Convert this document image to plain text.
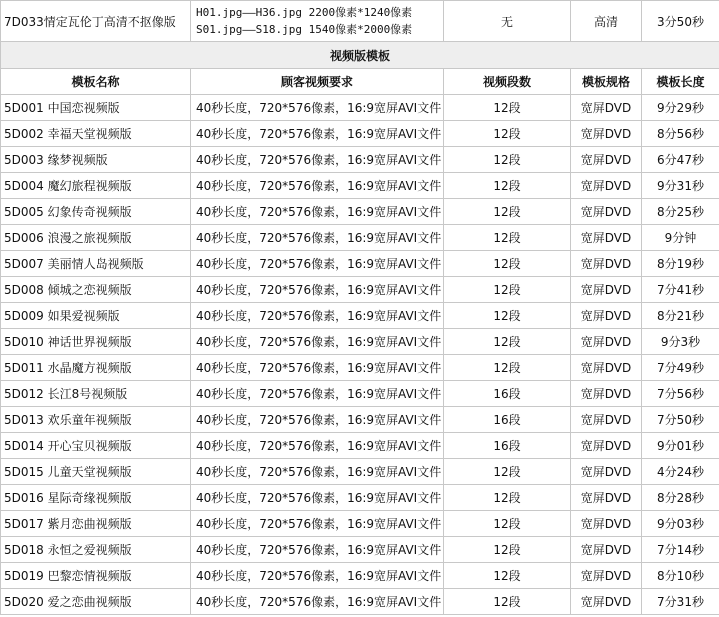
7D033情定瓦伦丁高清不抠像版	H01.jpg——H36.jpg 2200像素*1240像素
S01.jpg——S18.jpg 1540像素*2000像素	无	高清	3分50秒
视频版模板				
模板名称	顾客视频要求	视频段数	模板规格	模板长度
5D001 中国恋视频版	40秒长度，720*576像素，16:9宽屏AVI文件	12段	宽屏DVD	9分29秒
5D002 幸福天堂视频版	40秒长度，720*576像素，16:9宽屏AVI文件	12段	宽屏DVD	8分56秒
5D003 缘梦视频版	40秒长度，720*576像素，16:9宽屏AVI文件	12段	宽屏DVD	6分47秒
5D004 魔幻旅程视频版	40秒长度，720*576像素，16:9宽屏AVI文件	12段	宽屏DVD	9分31秒
5D005 幻象传奇视频版	40秒长度，720*576像素，16:9宽屏AVI文件	12段	宽屏DVD	8分25秒
5D006 浪漫之旅视频版	40秒长度，720*576像素，16:9宽屏AVI文件	12段	宽屏DVD	9分钟
5D007 美丽情人岛视频版	40秒长度，720*576像素，16:9宽屏AVI文件	12段	宽屏DVD	8分19秒
5D008 倾城之恋视频版	40秒长度，720*576像素，16:9宽屏AVI文件	12段	宽屏DVD	7分41秒
5D009 如果爱视频版	40秒长度，720*576像素，16:9宽屏AVI文件	12段	宽屏DVD	8分21秒
5D010 神话世界视频版	40秒长度，720*576像素，16:9宽屏AVI文件	12段	宽屏DVD	9分3秒
5D011 水晶魔方视频版	40秒长度，720*576像素，16:9宽屏AVI文件	12段	宽屏DVD	7分49秒
5D012 长江8号视频版	40秒长度，720*576像素，16:9宽屏AVI文件	16段	宽屏DVD	7分56秒
5D013 欢乐童年视频版	40秒长度，720*576像素，16:9宽屏AVI文件	16段	宽屏DVD	7分50秒
5D014 开心宝贝视频版	40秒长度，720*576像素，16:9宽屏AVI文件	16段	宽屏DVD	9分01秒
5D015 儿童天堂视频版	40秒长度，720*576像素，16:9宽屏AVI文件	12段	宽屏DVD	4分24秒
5D016 星际奇缘视频版	40秒长度，720*576像素，16:9宽屏AVI文件	12段	宽屏DVD	8分28秒
5D017 紫月恋曲视频版	40秒长度，720*576像素，16:9宽屏AVI文件	12段	宽屏DVD	9分03秒
5D018 永恒之爱视频版	40秒长度，720*576像素，16:9宽屏AVI文件	12段	宽屏DVD	7分14秒
5D019 巴黎恋情视频版	40秒长度，720*576像素，16:9宽屏AVI文件	12段	宽屏DVD	8分10秒
5D020 爱之恋曲视频版	40秒长度，720*576像素，16:9宽屏AVI文件	12段	宽屏DVD	7分31秒
